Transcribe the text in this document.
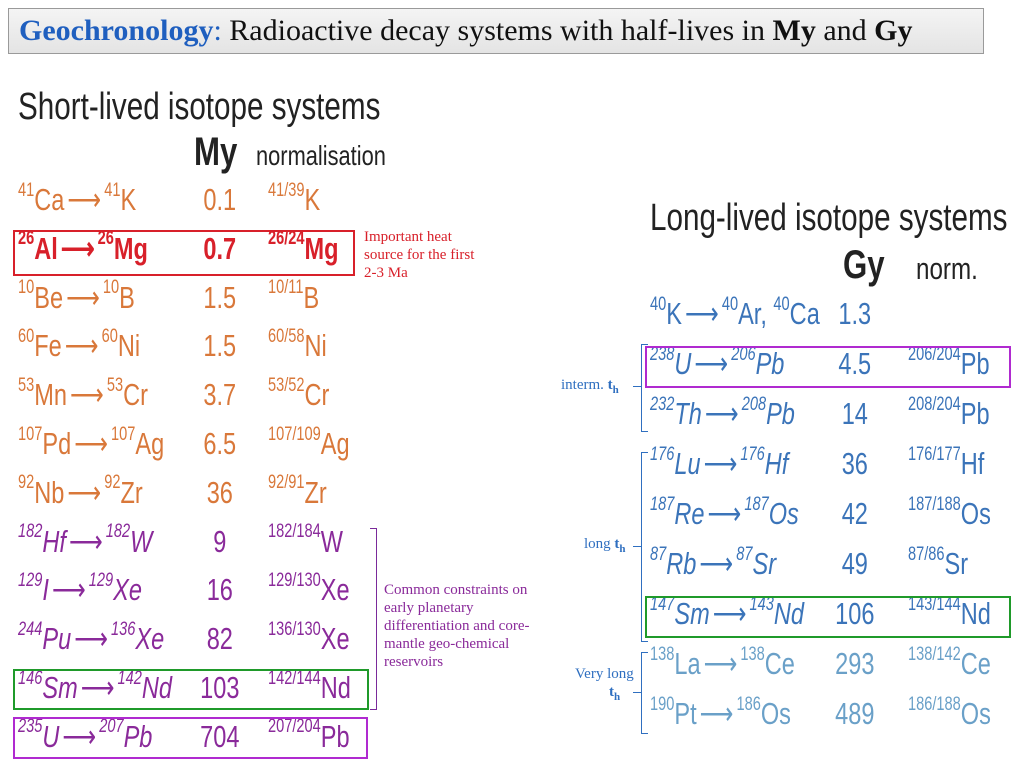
Geochronology: Radioactive decay systems with half-lives in My and Gy
Short-lived isotope systems
My normalisation
$^{41}$Ca⟶ $^{41}$K 0.1	$^{41/39}$K
$^{26}$Al⟶ $^{26}$Mg 0.7	$^{26/24}$Mg
$^{10}$Be⟶ $^{10}$B 1.5	$^{10/11}$B
$^{60}$Fe⟶ $^{60}$Ni 1.5	$^{60/58}$Ni
$^{53}$Mn⟶ $^{53}$Cr 3.7	$^{53/52}$Cr
$^{107}$Pd⟶ $^{107}$Ag 6.5	$^{107/109}$Ag
$^{92}$Nb⟶ $^{92}$Zr	36	$^{92/91}$Zr
$^{182}$Hf⟶ $^{182}$W	9	$^{182/184}$W
$^{129}$I⟶ $^{129}$Xe	16	$^{129/130}$Xe
$^{244}$Pu⟶ $^{136}$Xe	82	$^{136/130}$Xe
$^{146}$Sm⟶ $^{142}$Nd 103 $^{142/144}$Nd
$^{235}$U⟶ $^{207}$Pb 704 $^{207/204}$Pb
Long-lived isotope systems
Gy norm.
$^{40}$K⟶ $^{40}$Ar, $^{40}$Ca 1.3
$^{238}$U⟶ $^{206}$Pb 4.5	$^{206/204}$Pb
$^{232}$Th⟶ $^{208}$Pb	14	$^{208/204}$Pb
$^{176}$Lu⟶ $^{176}$Hf	36	$^{176/177}$Hf
$^{187}$Re⟶ $^{187}$Os	42	$^{187/188}$Os
$^{87}$Rb⟶ $^{87}$Sr	49	$^{87/86}$Sr
$^{147}$Sm⟶ $^{143}$Nd 106 $^{143/144}$Nd
$^{138}$La⟶ $^{138}$Ce 293 $^{138/142}$Ce
$^{190}$Pt⟶ $^{186}$Os 489 $^{186/188}$Os
Important heat source for the first 2-3 Ma
Common constraints on early planetary differentiation and core-mantle geo-chemical reservoirs
interm. $t_h$
long $t_h$
Very long
$t_h$
